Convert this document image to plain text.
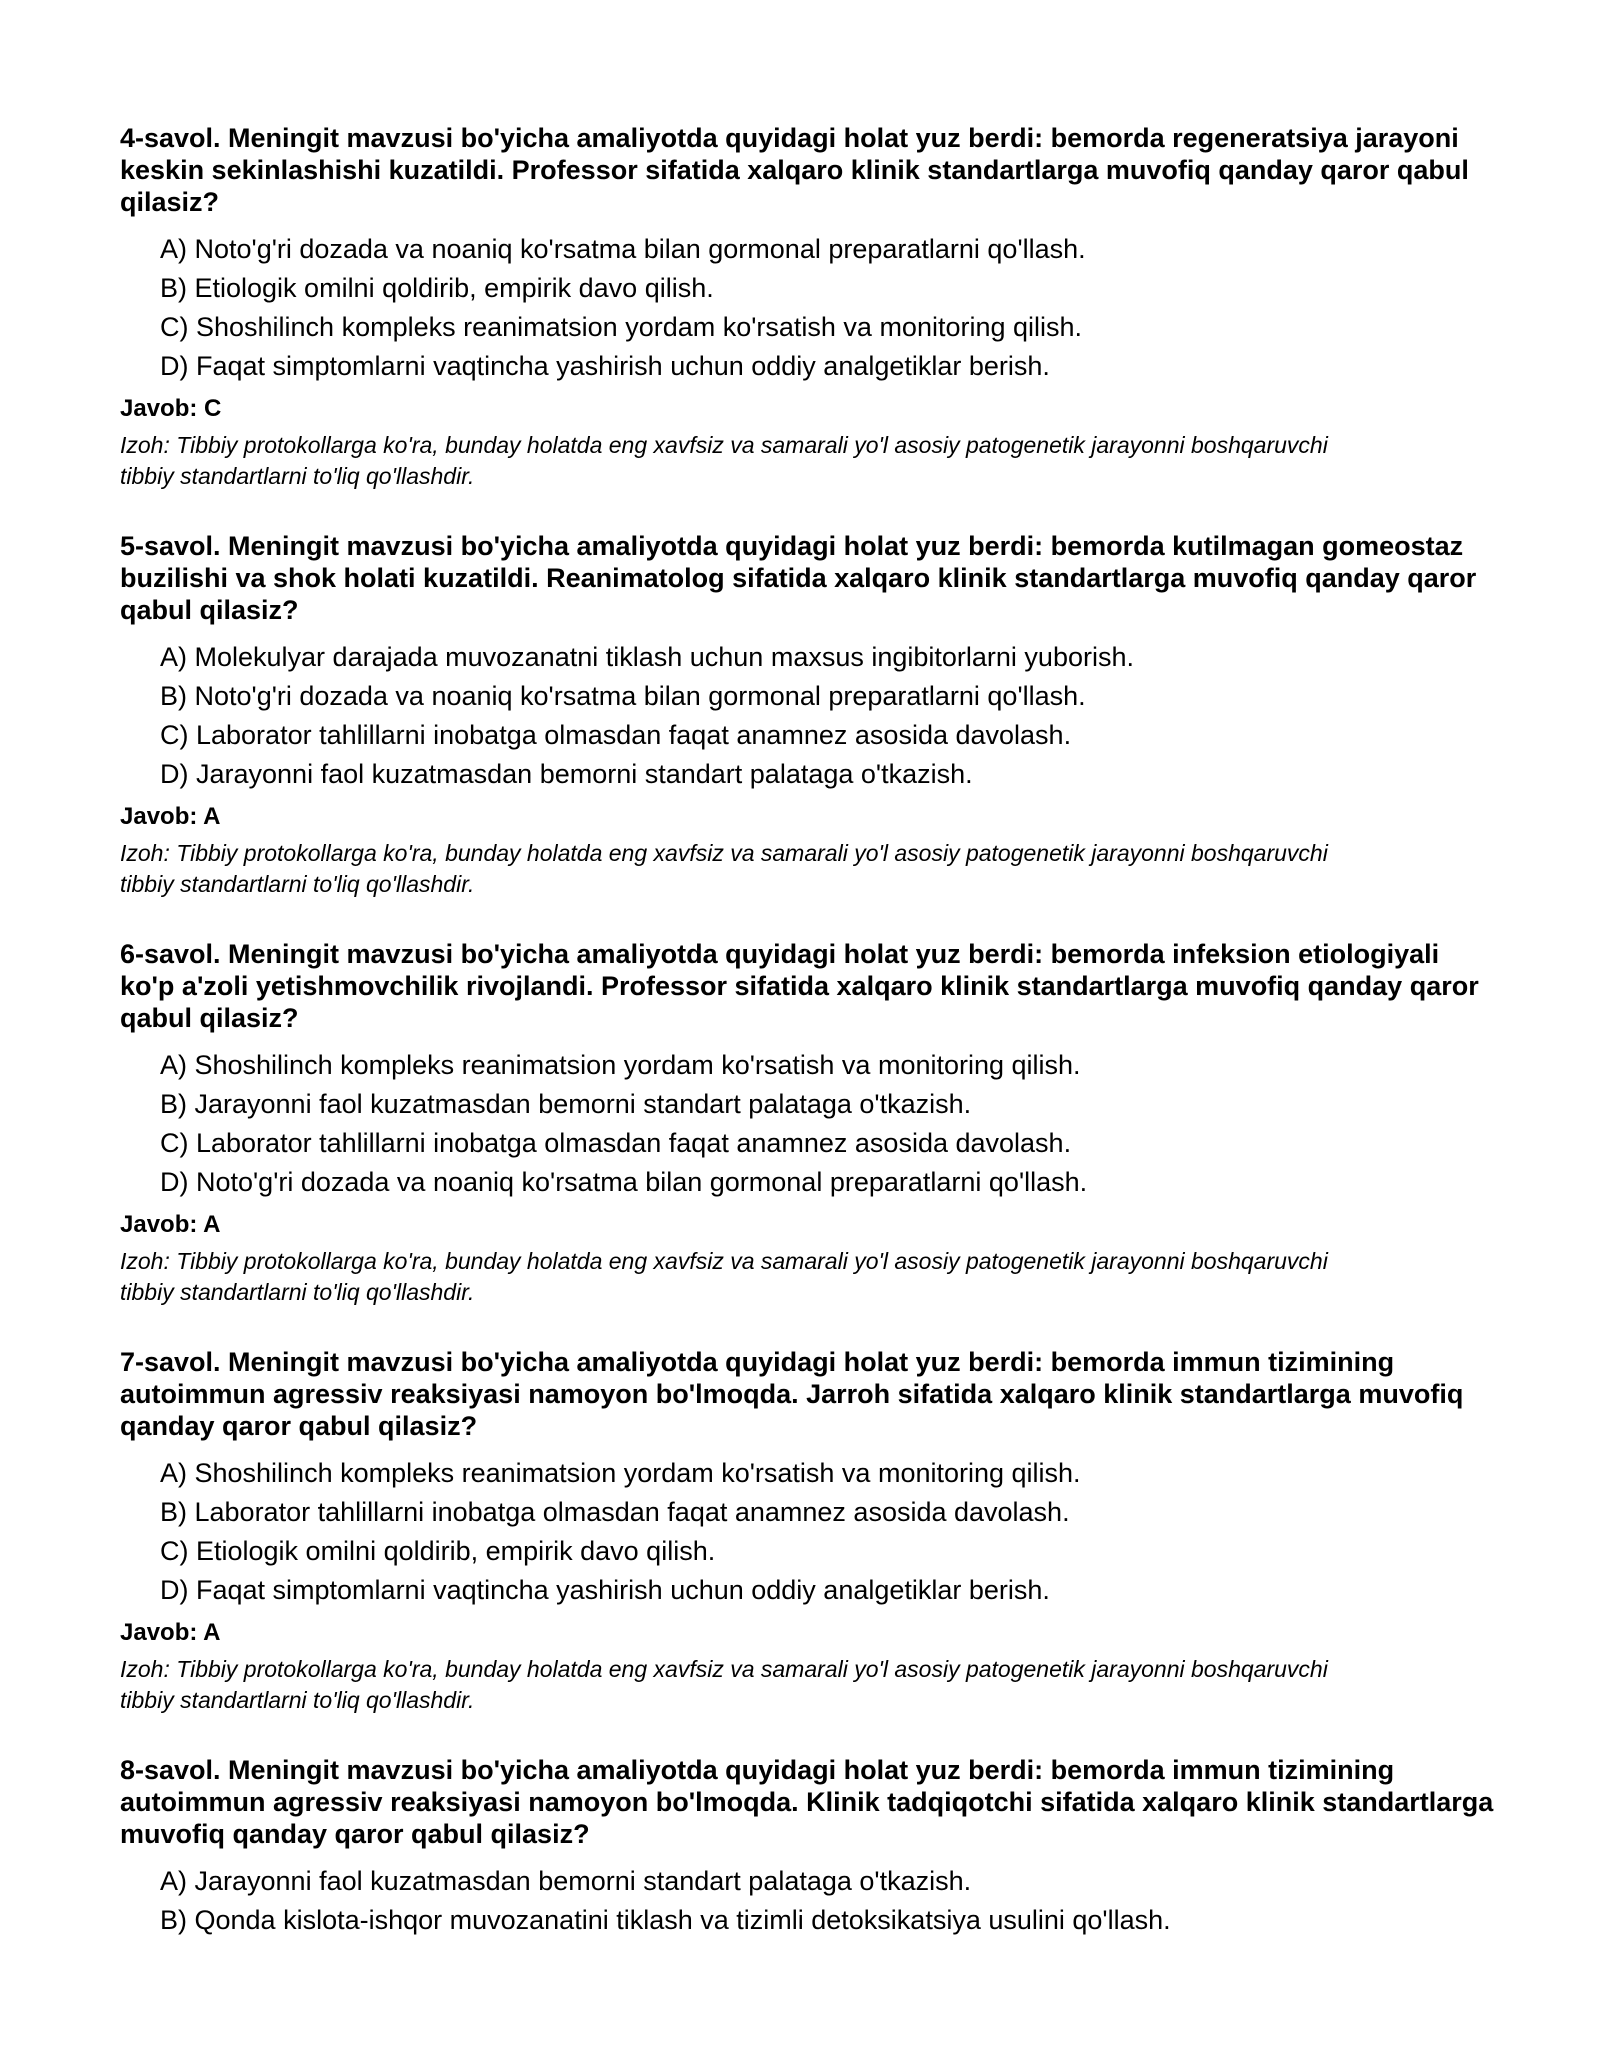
4-savol. Meningit mavzusi bo'yicha amaliyotda quyidagi holat yuz berdi: bemorda regeneratsiya jarayoni keskin sekinlashishi kuzatildi. Professor sifatida xalqaro klinik standartlarga muvofiq qanday qaror qabul qilasiz?

A) Noto'g'ri dozada va noaniq ko'rsatma bilan gormonal preparatlarni qo'llash.
B) Etiologik omilni qoldirib, empirik davo qilish.
C) Shoshilinch kompleks reanimatsion yordam ko'rsatish va monitoring qilish.
D) Faqat simptomlarni vaqtincha yashirish uchun oddiy analgetiklar berish.

Javob: C

Izoh: Tibbiy protokollarga ko'ra, bunday holatda eng xavfsiz va samarali yo'l asosiy patogenetik jarayonni boshqaruvchi tibbiy standartlarni to'liq qo'llashdir.

5-savol. Meningit mavzusi bo'yicha amaliyotda quyidagi holat yuz berdi: bemorda kutilmagan gomeostaz buzilishi va shok holati kuzatildi. Reanimatolog sifatida xalqaro klinik standartlarga muvofiq qanday qaror qabul qilasiz?

A) Molekulyar darajada muvozanatni tiklash uchun maxsus ingibitorlarni yuborish.
B) Noto'g'ri dozada va noaniq ko'rsatma bilan gormonal preparatlarni qo'llash.
C) Laborator tahlillarni inobatga olmasdan faqat anamnez asosida davolash.
D) Jarayonni faol kuzatmasdan bemorni standart palataga o'tkazish.

Javob: A

Izoh: Tibbiy protokollarga ko'ra, bunday holatda eng xavfsiz va samarali yo'l asosiy patogenetik jarayonni boshqaruvchi tibbiy standartlarni to'liq qo'llashdir.

6-savol. Meningit mavzusi bo'yicha amaliyotda quyidagi holat yuz berdi: bemorda infeksion etiologiyali ko'p a'zoli yetishmovchilik rivojlandi. Professor sifatida xalqaro klinik standartlarga muvofiq qanday qaror qabul qilasiz?

A) Shoshilinch kompleks reanimatsion yordam ko'rsatish va monitoring qilish.
B) Jarayonni faol kuzatmasdan bemorni standart palataga o'tkazish.
C) Laborator tahlillarni inobatga olmasdan faqat anamnez asosida davolash.
D) Noto'g'ri dozada va noaniq ko'rsatma bilan gormonal preparatlarni qo'llash.

Javob: A

Izoh: Tibbiy protokollarga ko'ra, bunday holatda eng xavfsiz va samarali yo'l asosiy patogenetik jarayonni boshqaruvchi tibbiy standartlarni to'liq qo'llashdir.

7-savol. Meningit mavzusi bo'yicha amaliyotda quyidagi holat yuz berdi: bemorda immun tizimining autoimmun agressiv reaksiyasi namoyon bo'lmoqda. Jarroh sifatida xalqaro klinik standartlarga muvofiq qanday qaror qabul qilasiz?

A) Shoshilinch kompleks reanimatsion yordam ko'rsatish va monitoring qilish.
B) Laborator tahlillarni inobatga olmasdan faqat anamnez asosida davolash.
C) Etiologik omilni qoldirib, empirik davo qilish.
D) Faqat simptomlarni vaqtincha yashirish uchun oddiy analgetiklar berish.

Javob: A

Izoh: Tibbiy protokollarga ko'ra, bunday holatda eng xavfsiz va samarali yo'l asosiy patogenetik jarayonni boshqaruvchi tibbiy standartlarni to'liq qo'llashdir.

8-savol. Meningit mavzusi bo'yicha amaliyotda quyidagi holat yuz berdi: bemorda immun tizimining autoimmun agressiv reaksiyasi namoyon bo'lmoqda. Klinik tadqiqotchi sifatida xalqaro klinik standartlarga muvofiq qanday qaror qabul qilasiz?

A) Jarayonni faol kuzatmasdan bemorni standart palataga o'tkazish.
B) Qonda kislota-ishqor muvozanatini tiklash va tizimli detoksikatsiya usulini qo'llash.
